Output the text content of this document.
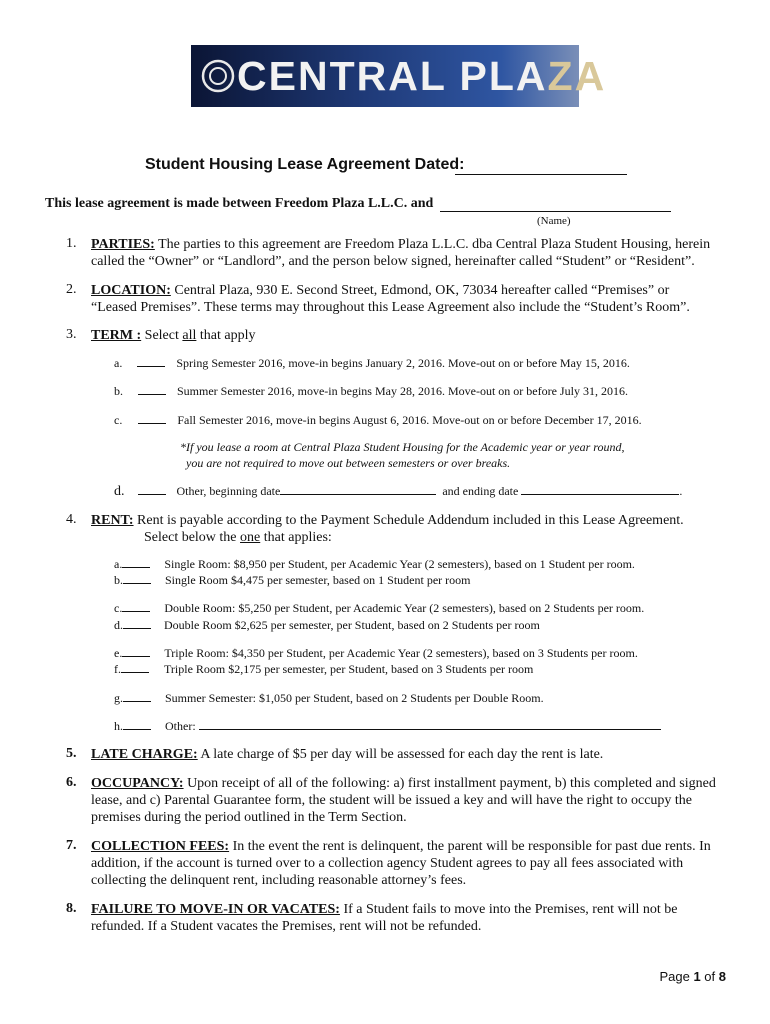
CENTRAL PLAZA
Student Housing Lease Agreement Dated:
This lease agreement is made between Freedom Plaza L.L.C. and
(Name)
1. PARTIES: The parties to this agreement are Freedom Plaza L.L.C. dba Central Plaza Student Housing, herein
called the “Owner” or “Landlord”, and the person below signed, hereinafter called “Student” or “Resident”.
2. LOCATION: Central Plaza, 930 E. Second Street, Edmond, OK, 73034 hereafter called “Premises” or
“Leased Premises”. These terms may throughout this Lease Agreement also include the “Student’s Room”.
3. TERM : Select all that apply
a.	Spring Semester 2016, move-in begins January 2, 2016. Move-out on or before May 15, 2016.
b.	Summer Semester 2016, move-in begins May 28, 2016. Move-out on or before July 31, 2016.
c.	Fall Semester 2016, move-in begins August 6, 2016. Move-out on or before December 17, 2016.
*If you lease a room at Central Plaza Student Housing for the Academic year or year round,
you are not required to move out between semesters or over breaks.
d.	Other, beginning date	and ending date	.
4. RENT: Rent is payable according to the Payment Schedule Addendum included in this Lease Agreement.
Select below the one that applies:
a.	Single Room: $8,950 per Student, per Academic Year (2 semesters), based on 1 Student per room.
b.	Single Room $4,475 per semester, based on 1 Student per room
c.	Double Room: $5,250 per Student, per Academic Year (2 semesters), based on 2 Students per room.
d.	Double Room $2,625 per semester, per Student, based on 2 Students per room
e.	Triple Room: $4,350 per Student, per Academic Year (2 semesters), based on 3 Students per room.
f.	Triple Room $2,175 per semester, per Student, based on 3 Students per room
g.	Summer Semester: $1,050 per Student, based on 2 Students per Double Room.
h.	Other:
5. LATE CHARGE: A late charge of $5 per day will be assessed for each day the rent is late.
6. OCCUPANCY: Upon receipt of all of the following: a) first installment payment, b) this completed and signed
lease, and c) Parental Guarantee form, the student will be issued a key and will have the right to occupy the
premises during the period outlined in the Term Section.
7. COLLECTION FEES: In the event the rent is delinquent, the parent will be responsible for past due rents. In
addition, if the account is turned over to a collection agency Student agrees to pay all fees associated with
collecting the delinquent rent, including reasonable attorney’s fees.
8. FAILURE TO MOVE-IN OR VACATES: If a Student fails to move into the Premises, rent will not be
refunded. If a Student vacates the Premises, rent will not be refunded.
Page 1 of 8
